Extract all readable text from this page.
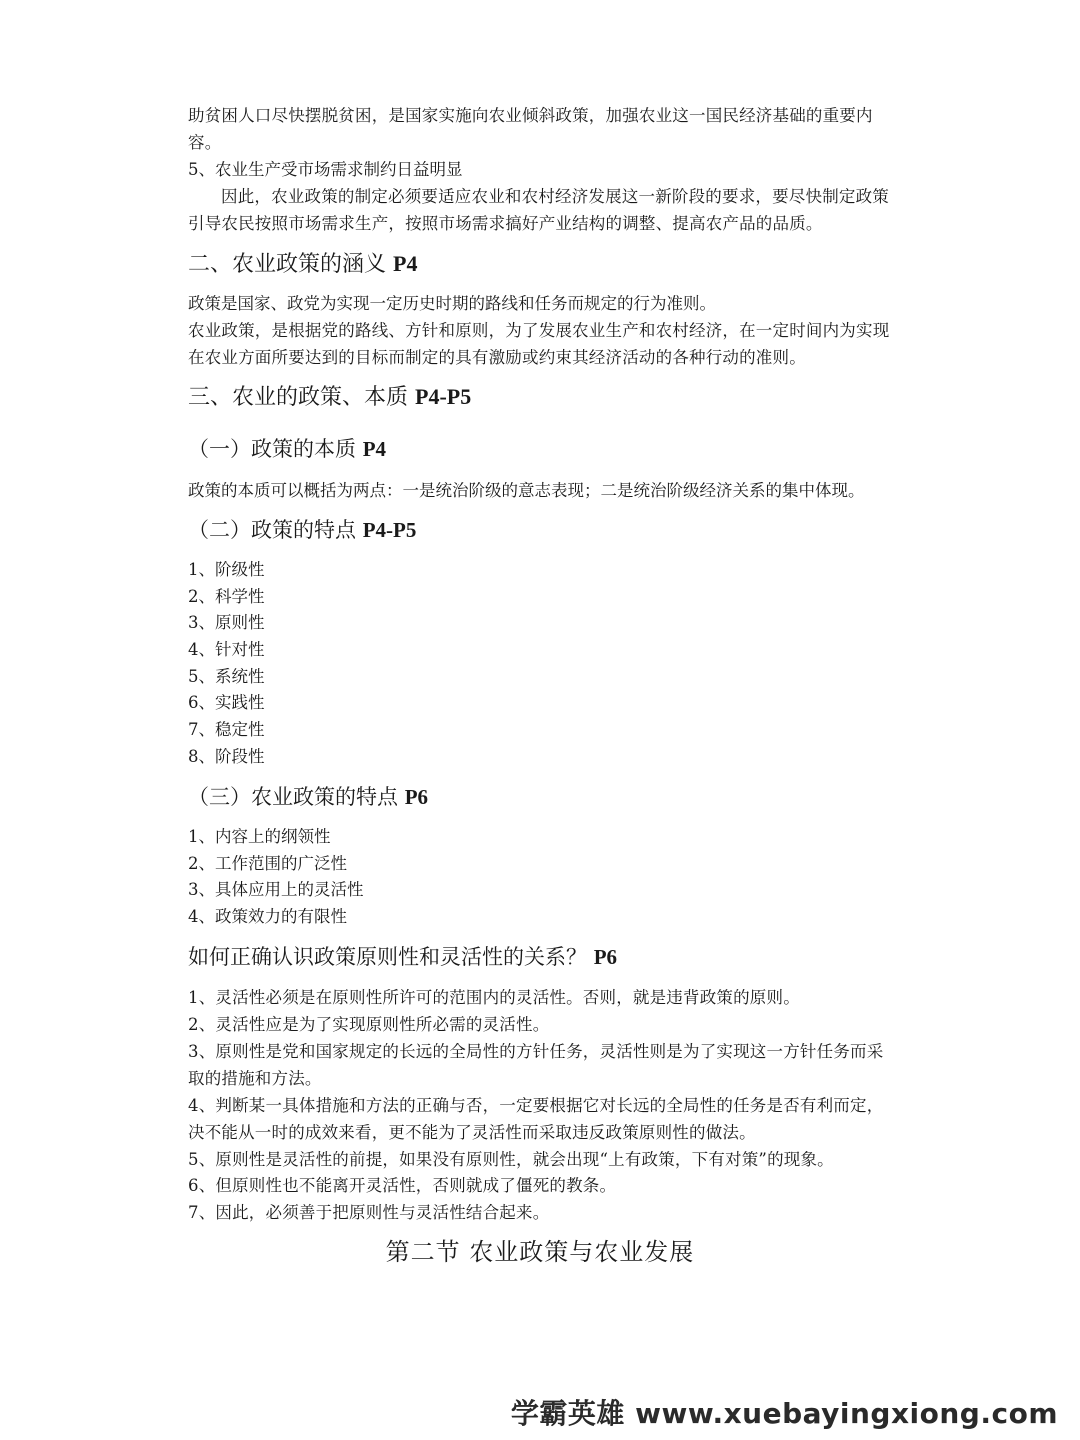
助贫困人口尽快摆脱贫困，是国家实施向农业倾斜政策，加强农业这一国民经济基础的重要内容。
5、农业生产受市场需求制约日益明显
因此，农业政策的制定必须要适应农业和农村经济发展这一新阶段的要求，要尽快制定政策引导农民按照市场需求生产，按照市场需求搞好产业结构的调整、提高农产品的品质。
二、农业政策的涵义 P4
政策是国家、政党为实现一定历史时期的路线和任务而规定的行为准则。
农业政策，是根据党的路线、方针和原则，为了发展农业生产和农村经济，在一定时间内为实现在农业方面所要达到的目标而制定的具有激励或约束其经济活动的各种行动的准则。
三、农业的政策、本质 P4-P5
（一）政策的本质 P4
政策的本质可以概括为两点：一是统治阶级的意志表现；二是统治阶级经济关系的集中体现。
（二）政策的特点 P4-P5
1、阶级性
2、科学性
3、原则性
4、针对性
5、系统性
6、实践性
7、稳定性
8、阶段性
（三）农业政策的特点 P6
1、内容上的纲领性
2、工作范围的广泛性
3、具体应用上的灵活性
4、政策效力的有限性
如何正确认识政策原则性和灵活性的关系？ P6
1、灵活性必须是在原则性所许可的范围内的灵活性。否则，就是违背政策的原则。
2、灵活性应是为了实现原则性所必需的灵活性。
3、原则性是党和国家规定的长远的全局性的方针任务，灵活性则是为了实现这一方针任务而采取的措施和方法。
4、判断某一具体措施和方法的正确与否，一定要根据它对长远的全局性的任务是否有利而定，决不能从一时的成效来看，更不能为了灵活性而采取违反政策原则性的做法。
5、原则性是灵活性的前提，如果没有原则性，就会出现“上有政策，下有对策”的现象。
6、但原则性也不能离开灵活性，否则就成了僵死的教条。
7、因此，必须善于把原则性与灵活性结合起来。
第二节 农业政策与农业发展
学霸英雄 www.xuebayingxiong.com
